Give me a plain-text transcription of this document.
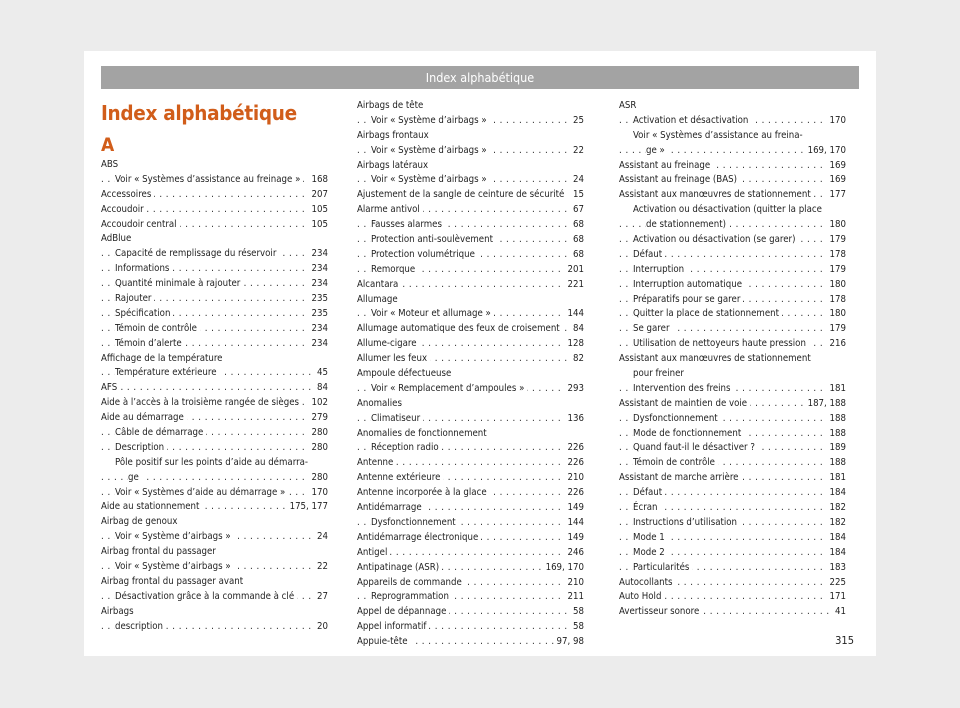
Index alphabétique
Index alphabétique
A
ABS
. . . Voir « Systèmes d’assistance au freinage »	168
. . . Accessoires	207
. . . Accoudoir	105
. . . Accoudoir central	105
AdBlue
. . . Capacité de remplissage du réservoir	234
. . . Informations	234
. . . Quantité minimale à rajouter	234
. . . Rajouter	235
. . . Spécification	235
. . . Témoin de contrôle	234
. . . Témoin d’alerte	234
Affichage de la température
. . . Température extérieure	45
. . . AFS	84
. . . Aide à l’accès à la troisième rangée de sièges	102
. . . Aide au démarrage	279
. . . Câble de démarrage	280
. . . Description	280
Pôle positif sur les points d’aide au démarra-
. . . ge	280
. . . Voir « Systèmes d’aide au démarrage »	170
. . . Aide au stationnement	175, 177
Airbag de genoux
. . . Voir « Système d’airbags »	24
Airbag frontal du passager
. . . Voir « Système d’airbags »	22
Airbag frontal du passager avant
. . . Désactivation grâce à la commande à clé	27
Airbags
. . . description	20
Airbags de tête
. . . Voir « Système d’airbags »	25
Airbags frontaux
. . . Voir « Système d’airbags »	22
Airbags latéraux
. . . Voir « Système d’airbags »	24
. . . Ajustement de la sangle de ceinture de sécurité 15
. . . Alarme antivol	67
. . . Fausses alarmes	68
. . . Protection anti-soulèvement	68
. . . Protection volumétrique	68
. . . Remorque	201
. . . Alcantara	221
Allumage
. . . Voir « Moteur et allumage »	144
. . . Allumage automatique des feux de croisement	84
. . . Allume-cigare	128
. . . Allumer les feux	82
Ampoule défectueuse
. . . Voir « Remplacement d’ampoules »	293
Anomalies
. . . Climatiseur	136
Anomalies de fonctionnement
. . . Réception radio	226
. . . Antenne	226
. . . Antenne extérieure	210
. . . Antenne incorporée à la glace	226
. . . Antidémarrage	149
. . . Dysfonctionnement	144
. . . Antidémarrage électronique	149
. . . Antigel	246
. . . Antipatinage (ASR)	169, 170
. . . Appareils de commande	210
. . . Reprogrammation	211
. . . Appel de dépannage	58
. . . Appel informatif	58
. . . Appuie-tête	97, 98
ASR
. . . Activation et désactivation	170
Voir « Systèmes d’assistance au freina-
. . . ge »	169, 170
. . . Assistant au freinage	169
. . . Assistant au freinage (BAS)	169
. . . Assistant aux manœuvres de stationnement	177
Activation ou désactivation (quitter la place
. . . de stationnement)	180
. . . Activation ou désactivation (se garer)	179
. . . Défaut	178
. . . Interruption	179
. . . Interruption automatique	180
. . . Préparatifs pour se garer	178
. . . Quitter la place de stationnement	180
. . . Se garer	179
. . . Utilisation de nettoyeurs haute pression	216
Assistant aux manœuvres de stationnement
pour freiner
. . . Intervention des freins	181
. . . Assistant de maintien de voie	187, 188
. . . Dysfonctionnement	188
. . . Mode de fonctionnement	188
. . . Quand faut-il le désactiver ?	189
. . . Témoin de contrôle	188
. . . Assistant de marche arrière	181
. . . Défaut	184
. . . Écran	182
. . . Instructions d’utilisation	182
. . . Mode 1	184
. . . Mode 2	184
. . . Particularités	183
. . . Autocollants	225
. . . Auto Hold	171
. . . Avertisseur sonore	41
315
